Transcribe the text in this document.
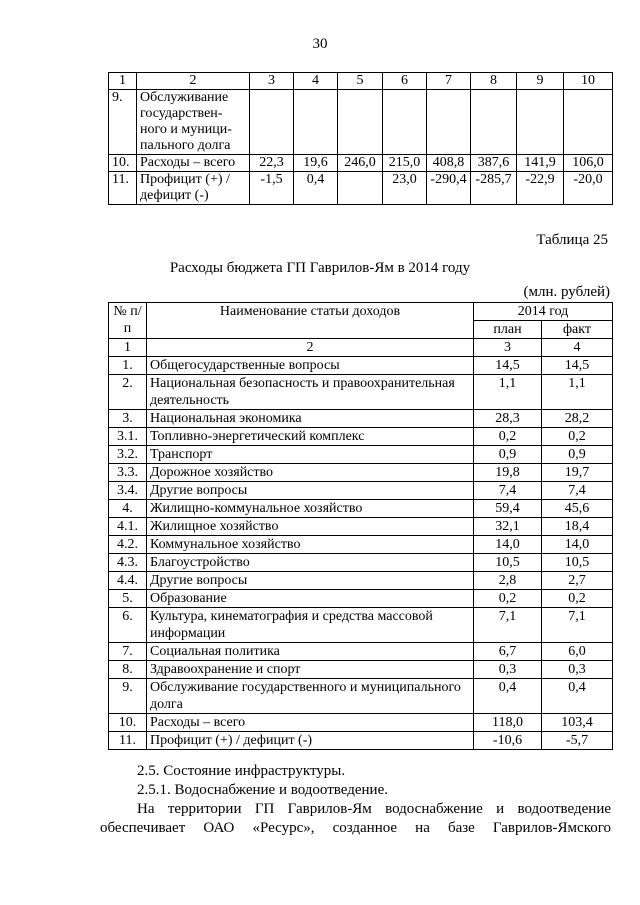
30
1	2	3	4	5	6	7	8	9	10
9.	Обслуживание государствен-ного и муници-пального долга								
10.	Расходы – всего	22,3	19,6	246,0	215,0	408,8	387,6	141,9	106,0
11.	Профицит (+) / дефицит (-)	-1,5	0,4		23,0	-290,4	-285,7	-22,9	-20,0
Таблица 25
Расходы бюджета ГП Гаврилов-Ям в 2014 году
(млн. рублей)
№ п/п	Наименование статьи доходов	2014 год	
		план	факт
1	2	3	4
1.	Общегосударственные вопросы	14,5	14,5
2.	Национальная безопасность и правоохранительная деятельность	1,1	1,1
3.	Национальная экономика	28,3	28,2
3.1.	Топливно-энергетический комплекс	0,2	0,2
3.2.	Транспорт	0,9	0,9
3.3.	Дорожное хозяйство	19,8	19,7
3.4.	Другие вопросы	7,4	7,4
4.	Жилищно-коммунальное хозяйство	59,4	45,6
4.1.	Жилищное хозяйство	32,1	18,4
4.2.	Коммунальное хозяйство	14,0	14,0
4.3.	Благоустройство	10,5	10,5
4.4.	Другие вопросы	2,8	2,7
5.	Образование	0,2	0,2
6.	Культура, кинематография и средства массовой информации	7,1	7,1
7.	Социальная политика	6,7	6,0
8.	Здравоохранение и спорт	0,3	0,3
9.	Обслуживание государственного и муниципального долга	0,4	0,4
10.	Расходы – всего	118,0	103,4
11.	Профицит (+) / дефицит (-)	-10,6	-5,7
2.5. Состояние инфраструктуры.
2.5.1. Водоснабжение и водоотведение.
На территории ГП Гаврилов-Ям водоснабжение и водоотведение
обеспечивает ОАО «Ресурс», созданное на базе Гаврилов-Ямского
